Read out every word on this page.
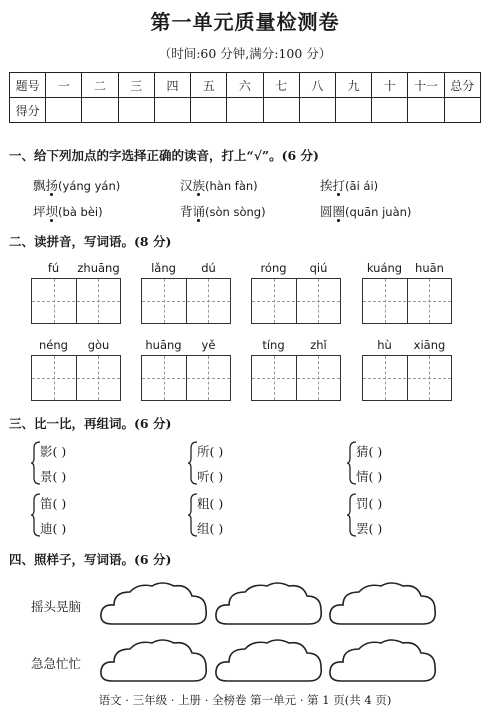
第一单元质量检测卷
（时间:60 分钟,满分:100 分）
题号	一	二	三	四	五	六	七	八	九	十	十一	总分
得分												
一、给下列加点的字选择正确的读音，打上“√”。(6 分)
飘扬(yáng yán)	汉族(hàn fàn)	挨打(āi ái)
坪坝(bà bèi)	背诵(sòn sòng)	圆圈(quān juàn)
二、读拼音，写词语。(8 分)
fú	zhuāng	lǎng	dú	róng	qiú	kuáng	huān
néng	gòu	huāng	yě	tíng	zhǐ	hù	xiāng
三、比一比，再组词。(6 分)
影( )
景( )
所( )
听( )
猜( )
情( )
笛( )
迪( )
粗( )
组( )
罚( )
罢( )
四、照样子，写词语。(6 分)
摇头晃脑
急急忙忙
语文 · 三年级 · 上册 · 全榜卷 第一单元 · 第 1 页(共 4 页)
